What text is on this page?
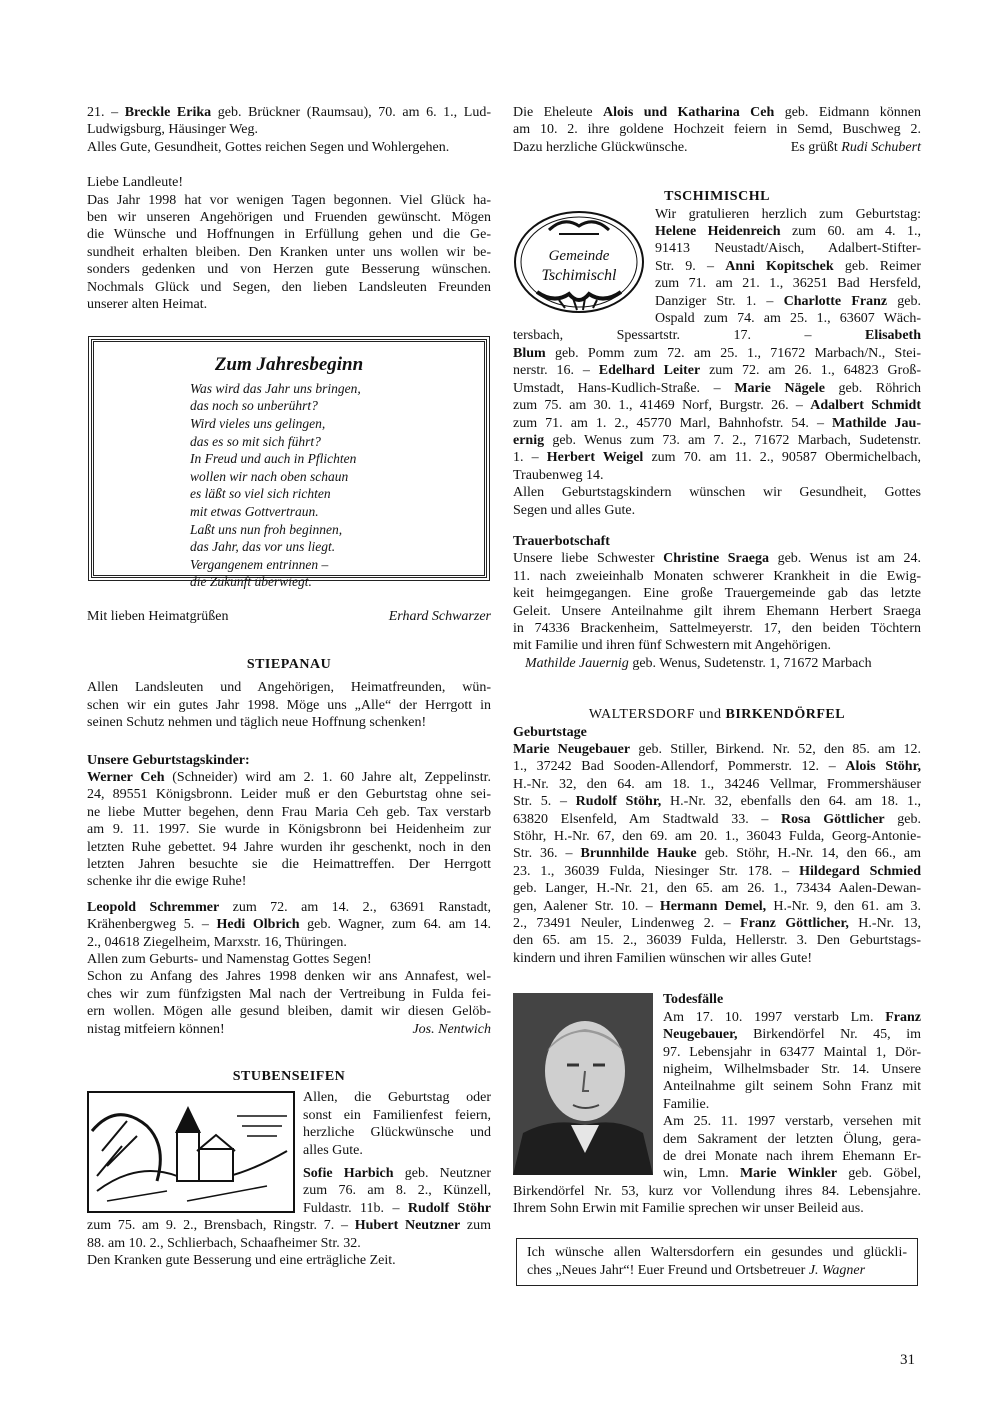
21. – Breckle Erika geb. Brückner (Raumsau), 70. am 6. 1., Lud-
Ludwigsburg, Häusinger Weg.
Alles Gute, Gesundheit, Gottes reichen Segen und Wohlergehen.

Liebe Landleute!
Das Jahr 1998 hat vor wenigen Tagen begonnen. Viel Glück ha-
ben wir unseren Angehörigen und Fruenden gewünscht. Mögen
die Wünsche und Hoffnungen in Erfüllung gehen und die Ge-
sundheit erhalten bleiben. Den Kranken unter uns wollen wir be-
sonders gedenken und von Herzen gute Besserung wünschen.
Nochmals Glück und Segen, den lieben Landsleuten Freunden
unserer alten Heimat.

Zum Jahresbeginn
Was wird das Jahr uns bringen,
das noch so unberührt?
Wird vieles uns gelingen,
das es so mit sich führt?
In Freud und auch in Pflichten
wollen wir nach oben schaun
es läßt so viel sich richten
mit etwas Gottvertraun.
Laßt uns nun froh beginnen,
das Jahr, das vor uns liegt.
Vergangenem entrinnen –
die Zukunft überwiegt.
Mit lieben Heimatgrüßen	Erhard Schwarzer

STIEPANAU

Allen Landsleuten und Angehörigen, Heimatfreunden, wün-
schen wir ein gutes Jahr 1998. Möge uns „Alle“ der Herrgott in
seinen Schutz nehmen und täglich neue Hoffnung schenken!

Unsere Geburtstagskinder:

Werner Ceh (Schneider) wird am 2. 1. 60 Jahre alt, Zeppelinstr.
24, 89551 Königsbronn. Leider muß er den Geburtstag ohne sei-
ne liebe Mutter begehen, denn Frau Maria Ceh geb. Tax verstarb
am 9. 11. 1997. Sie wurde in Königsbronn bei Heidenheim zur
letzten Ruhe gebettet. 94 Jahre wurden ihr geschenkt, noch in den
letzten Jahren besuchte sie die Heimattreffen. Der Herrgott
schenke ihr die ewige Ruhe!

Leopold Schremmer zum 72. am 14. 2., 63691 Ranstadt,
Krähenbergweg 5. – Hedi Olbrich geb. Wagner, zum 64. am 14.
2., 04618 Ziegelheim, Marxstr. 16, Thüringen.
Allen zum Geburts- und Namenstag Gottes Segen!
Schon zu Anfang des Jahres 1998 denken wir ans Annafest, wel-
ches wir zum fünfzigsten Mal nach der Vertreibung in Fulda fei-
ern wollen. Mögen alle gesund bleiben, damit wir diesen Gelöb-

nistag mitfeiern können!	Jos. Nentwich

STUBENSEIFEN

Allen, die Geburtstag oder
sonst ein Familienfest feiern,
herzliche Glückwünsche und
alles Gute.
Sofie Harbich geb. Neutzner
zum 76. am 8. 2., Künzell,
Fuldastr. 11b. – Rudolf Stöhr
zum 75. am 9. 2., Brensbach, Ringstr. 7. – Hubert Neutzner zum
88. am 10. 2., Schlierbach, Schaafheimer Str. 32.
Den Kranken gute Besserung und eine erträgliche Zeit.

Die Eheleute Alois und Katharina Ceh geb. Eidmann können
am 10. 2. ihre goldene Hochzeit feiern in Semd, Buschweg 2.

Dazu herzliche Glückwünsche.	Es grüßt Rudi Schubert

TSCHIMISCHL

Gemeinde
Tschimischl

Wir gratulieren herzlich zum Geburtstag:
Helene Heidenreich zum 60. am 4. 1.,
91413 Neustadt/Aisch, Adalbert-Stifter-
Str. 9. – Anni Kopitschek geb. Reimer
zum 71. am 21. 1., 36251 Bad Hersfeld,
Danziger Str. 1. – Charlotte Franz geb.
Ospald zum 74. am 25. 1., 63607 Wäch-
tersbach, Spessartstr. 17. – Elisabeth
Blum geb. Pomm zum 72. am 25. 1., 71672 Marbach/N., Stei-
nerstr. 16. – Edelhard Leiter zum 72. am 26. 1., 64823 Groß-
Umstadt, Hans-Kudlich-Straße. – Marie Nägele geb. Röhrich
zum 75. am 30. 1., 41469 Norf, Burgstr. 26. – Adalbert Schmidt
zum 71. am 1. 2., 45770 Marl, Bahnhofstr. 54. – Mathilde Jau-
ernig geb. Wenus zum 73. am 7. 2., 71672 Marbach, Sudetenstr.
1. – Herbert Weigel zum 70. am 11. 2., 90587 Obermichelbach,
Traubenweg 14.
Allen Geburtstagskindern wünschen wir Gesundheit, Gottes
Segen und alles Gute.

Trauerbotschaft

Unsere liebe Schwester Christine Sraega geb. Wenus ist am 24.
11. nach zweieinhalb Monaten schwerer Krankheit in die Ewig-
keit heimgegangen. Eine große Trauergemeinde gab das letzte
Geleit. Unsere Anteilnahme gilt ihrem Ehemann Herbert Sraega
in 74336 Brackenheim, Sattelmeyerstr. 17, den beiden Töchtern
mit Familie und ihren fünf Schwestern mit Angehörigen.
Mathilde Jauernig geb. Wenus, Sudetenstr. 1, 71672 Marbach

WALTERSDORF und BIRKENDÖRFEL

Geburtstage

Marie Neugebauer geb. Stiller, Birkend. Nr. 52, den 85. am 12.
1., 37242 Bad Sooden-Allendorf, Pommerstr. 12. – Alois Stöhr,
H.-Nr. 32, den 64. am 18. 1., 34246 Vellmar, Frommershäuser
Str. 5. – Rudolf Stöhr, H.-Nr. 32, ebenfalls den 64. am 18. 1.,
63820 Elsenfeld, Am Stadtwald 33. – Rosa Göttlicher geb.
Stöhr, H.-Nr. 67, den 69. am 20. 1., 36043 Fulda, Georg-Antonie-
Str. 36. – Brunnhilde Hauke geb. Stöhr, H.-Nr. 14, den 66., am
23. 1., 36039 Fulda, Niesinger Str. 178. – Hildegard Schmied
geb. Langer, H.-Nr. 21, den 65. am 26. 1., 73434 Aalen-Dewan-
gen, Aalener Str. 10. – Hermann Demel, H.-Nr. 9, den 61. am 3.
2., 73491 Neuler, Lindenweg 2. – Franz Göttlicher, H.-Nr. 13,
den 65. am 15. 2., 36039 Fulda, Hellerstr. 3. Den Geburtstags-
kindern und ihren Familien wünschen wir alles Gute!

Todesfälle
Am 17. 10. 1997 verstarb Lm. Franz
Neugebauer, Birkendörfel Nr. 45, im
97. Lebensjahr in 63477 Maintal 1, Dör-
nigheim, Wilhelmsbader Str. 14. Unsere
Anteilnahme gilt seinem Sohn Franz mit
Familie.
Am 25. 11. 1997 verstarb, versehen mit
dem Sakrament der letzten Ölung, gera-
de drei Monate nach ihrem Ehemann Er-
win, Lmn. Marie Winkler geb. Göbel,
Birkendörfel Nr. 53, kurz vor Vollendung ihres 84. Lebensjahre.
Ihrem Sohn Erwin mit Familie sprechen wir unser Beileid aus.

Ich wünsche allen Waltersdorfern ein gesundes und glückli-
ches „Neues Jahr“! Euer Freund und Ortsbetreuer J. Wagner
31
